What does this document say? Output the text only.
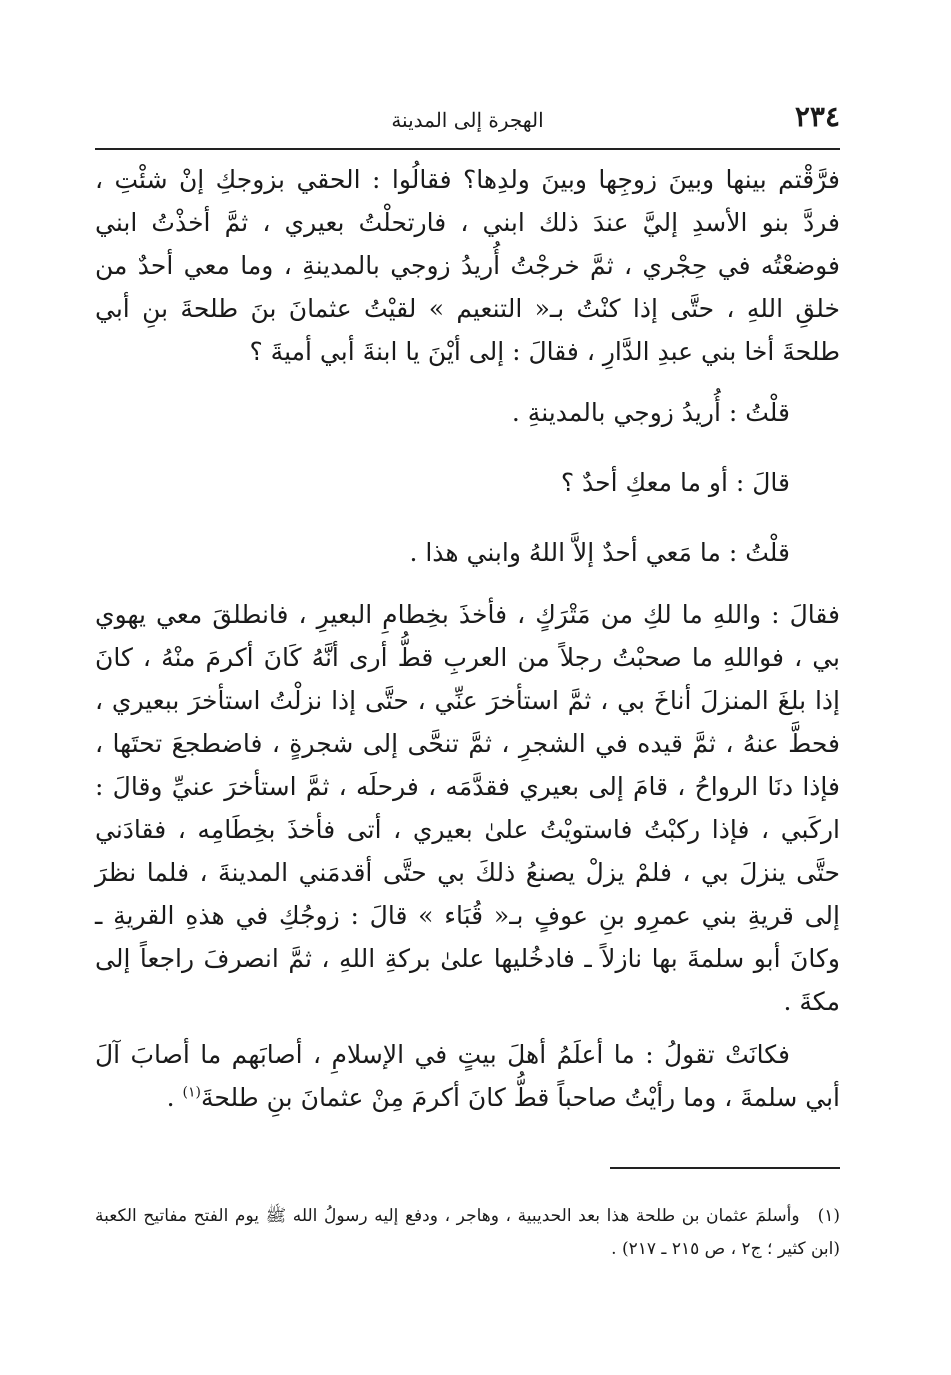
٢٣٤
الهجرة إلى المدينة

فرَّقْتم بينها وبينَ زوجِها وبينَ ولدِها؟ فقالُوا : الحقي بزوجكِ إنْ شئْتِ ، فردَّ بنو الأسدِ إليَّ عندَ ذلك ابني ، فارتحلْتُ بعيري ، ثمَّ أخذْتُ ابني فوضعْتُه في حِجْري ، ثمَّ خرجْتُ أُريدُ زوجي بالمدينةِ ، وما معي أحدٌ من خلقِ اللهِ ، حتَّى إذا كنْتُ بـ« التنعيم » لقيْتُ عثمانَ بنَ طلحةَ بنِ أبي طلحةَ أخا بني عبدِ الدَّارِ ، فقالَ : إلى أيْنَ يا ابنةَ أبي أميةَ ؟

قلْتُ : أُريدُ زوجي بالمدينةِ .

قالَ : أو ما معكِ أحدٌ ؟

قلْتُ : ما مَعي أحدٌ إلاَّ اللهُ وابني هذا .

فقالَ : واللهِ ما لكِ من مَتْرَكٍ ، فأخذَ بخِطامِ البعيرِ ، فانطلقَ معي يهوي بي ، فواللهِ ما صحبْتُ رجلاً من العربِ قطُّ أرى أنَّهُ كَانَ أكرمَ منْهُ ، كانَ إذا بلغَ المنزلَ أناخَ بي ، ثمَّ استأخرَ عنِّي ، حتَّى إذا نزلْتُ استأخرَ ببعيري ، فحطَّ عنهُ ، ثمَّ قيده في الشجرِ ، ثمَّ تنحَّى إلى شجرةٍ ، فاضطجعَ تحتَها ، فإذا دنَا الرواحُ ، قامَ إلى بعيري فقدَّمَه ، فرحلَه ، ثمَّ استأخرَ عنيِّ وقالَ : اركَبي ، فإذا ركبْتُ فاستويْتُ علىٰ بعيري ، أتى فأخذَ بخِطَامِه ، فقادَني حتَّى ينزلَ بي ، فلمْ يزلْ يصنعُ ذلكَ بي حتَّى أقدمَني المدينةَ ، فلما نظرَ إلى قريةِ بني عمرِو بنِ عوفٍ بـ« قُبَاء » قالَ : زوجُكِ في هذهِ القريةِ ـ وكانَ أبو سلمةَ بها نازلاً ـ فادخُليها علىٰ بركةِ اللهِ ، ثمَّ انصرفَ راجعاً إلى مكةَ .

فكانَتْ تقولُ : ما أعلَمُ أهلَ بيتٍ في الإسلامِ ، أصابَهم ما أصابَ آلَ أبي سلمةَ ، وما رأيْتُ صاحباً قطُّ كانَ أكرمَ مِنْ عثمانَ بنِ طلحةَ$^{(١)}$ .

(١)وأسلمَ عثمان بن طلحة هذا بعد الحديبية ، وهاجر ، ودفع إليه رسولُ الله ﷺ يوم الفتح مفاتيح الكعبة (ابن كثير ؛ ج٢ ، ص ٢١٥ ـ ٢١٧) .
